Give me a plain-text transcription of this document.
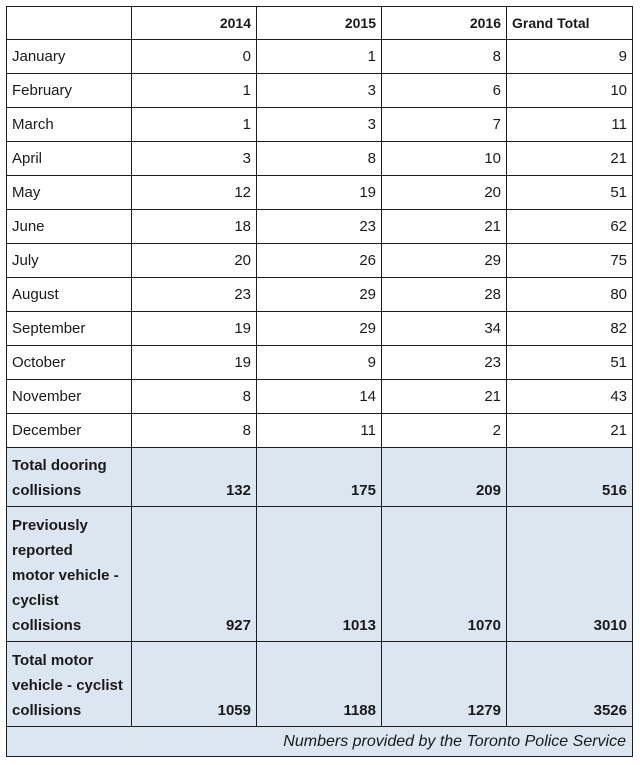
	2014	2015	2016	Grand Total
January	0	1	8	9
February	1	3	6	10
March	1	3	7	11
April	3	8	10	21
May	12	19	20	51
June	18	23	21	62
July	20	26	29	75
August	23	29	28	80
September	19	29	34	82
October	19	9	23	51
November	8	14	21	43
December	8	11	2	21
Total dooring
collisions	132	175	209	516
Previously
reported
motor vehicle -
cyclist
collisions	927	1013	1070	3010
Total motor
vehicle - cyclist
collisions	1059	1188	1279	3526
Numbers provided by the Toronto Police Service				
